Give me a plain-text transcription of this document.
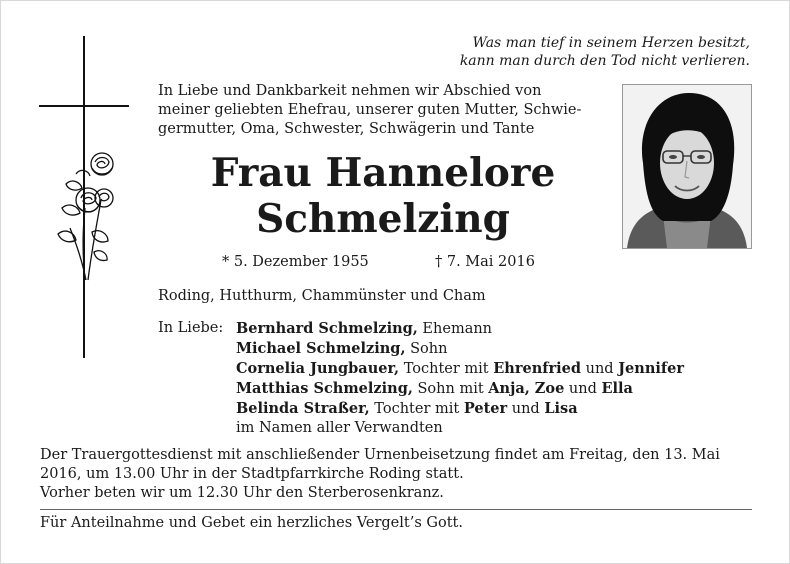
Was man tief in seinem Herzen besitzt,
kann man durch den Tod nicht verlieren.
In Liebe und Dankbarkeit nehmen wir Abschied von
meiner geliebten Ehefrau, unserer guten Mutter, Schwie-
germutter, Oma, Schwester, Schwägerin und Tante
Frau Hannelore
Schmelzing
* 5. Dezember 1955	† 7. Mai 2016
Roding, Hutthurm, Chammünster und Cham
In Liebe: Bernhard Schmelzing, Ehemann
Michael Schmelzing, Sohn
Cornelia Jungbauer, Tochter mit Ehrenfried und Jennifer
Matthias Schmelzing, Sohn mit Anja, Zoe und Ella
Belinda Straßer, Tochter mit Peter und Lisa
im Namen aller Verwandten
Der Trauergottesdienst mit anschließender Urnenbeisetzung findet am Freitag, den 13. Mai
2016, um 13.00 Uhr in der Stadtpfarrkirche Roding statt.
Vorher beten wir um 12.30 Uhr den Sterberosenkranz.
Für Anteilnahme und Gebet ein herzliches Vergelt’s Gott.
